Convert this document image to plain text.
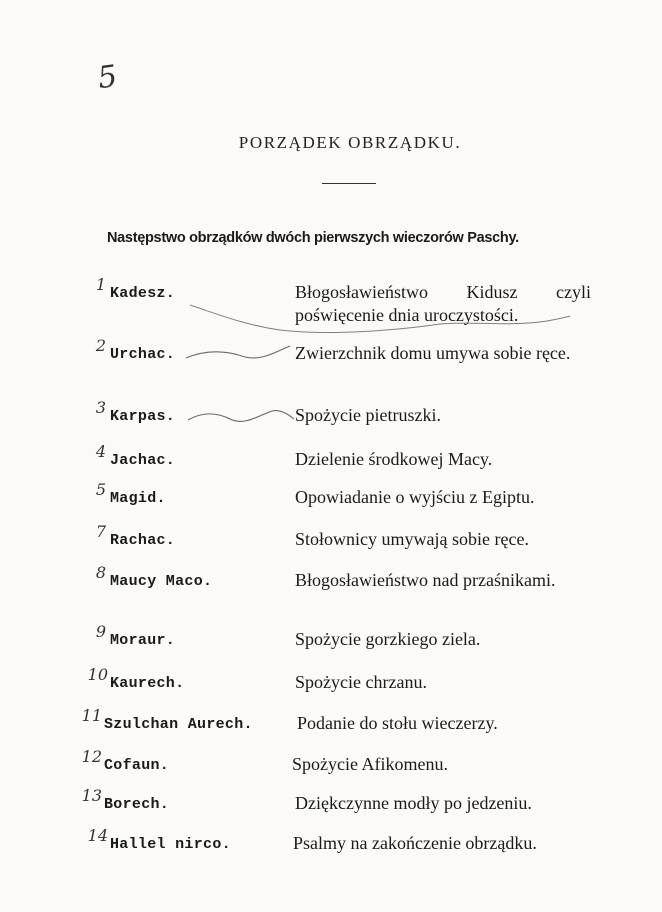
5
PORZĄDEK OBRZĄDKU.
Następstwo obrządków dwóch pierwszych wieczorów Paschy.
1 Kadesz.	Błogosławieństwo Kidusz czyli poświęcenie dnia uroczystości.
2 Urchac.	Zwierzchnik domu umywa sobie ręce.
3 Karpas.	Spożycie pietruszki.
4 Jachac.	Dzielenie środkowej Macy.
5 Magid.	Opowiadanie o wyjściu z Egiptu.
7 Rachac.	Stołownicy umywają sobie ręce.
8 Maucy Maco.	Błogosławieństwo nad przaśnikami.
9 Moraur.	Spożycie gorzkiego ziela.
10 Kaurech.	Spożycie chrzanu.
11 Szulchan Aurech. Podanie do stołu wieczerzy.
12 Cofaun.	Spożycie Afikomenu.
13 Borech.	Dziękczynne modły po jedzeniu.
14 Hallel nirco.	Psalmy na zakończenie obrządku.
